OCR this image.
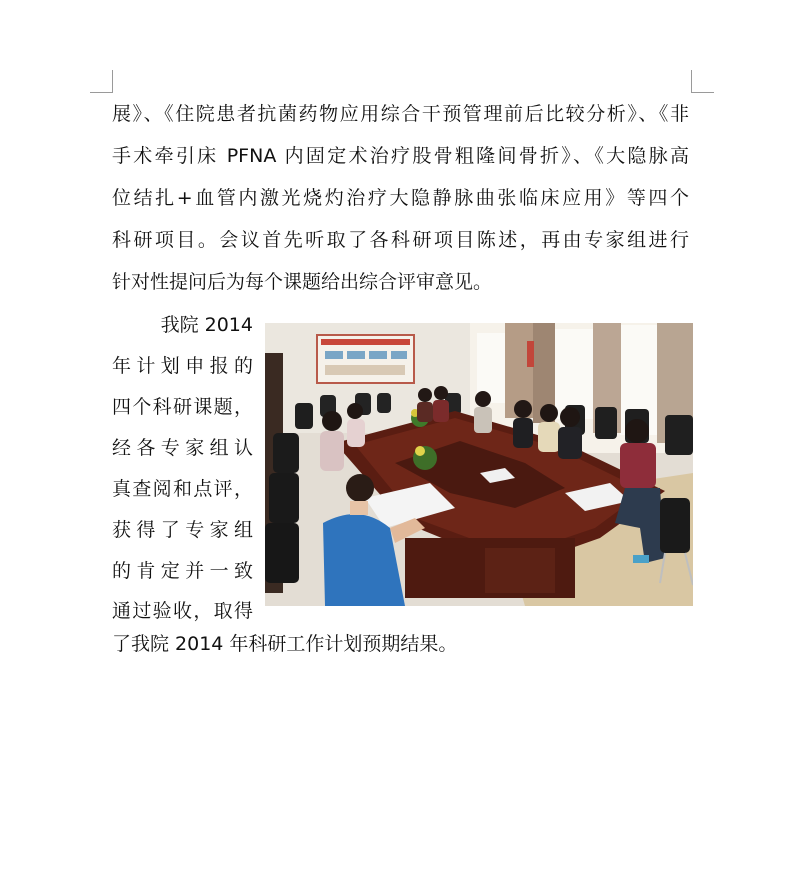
展》、《住院患者抗菌药物应用综合干预管理前后比较分析》、《非
手术牵引床 PFNA 内固定术治疗股骨粗隆间骨折》、《大隐脉高
位结扎+血管内激光烧灼治疗大隐静脉曲张临床应用》等四个
科研项目。会议首先听取了各科研项目陈述，再由专家组进行
针对性提问后为每个课题给出综合评审意见。
我院 2014
年计划申报的
四个科研课题，
经各专家组认
真查阅和点评，
获得了专家组
的肯定并一致
通过验收，取得
了我院 2014 年科研工作计划预期结果。
